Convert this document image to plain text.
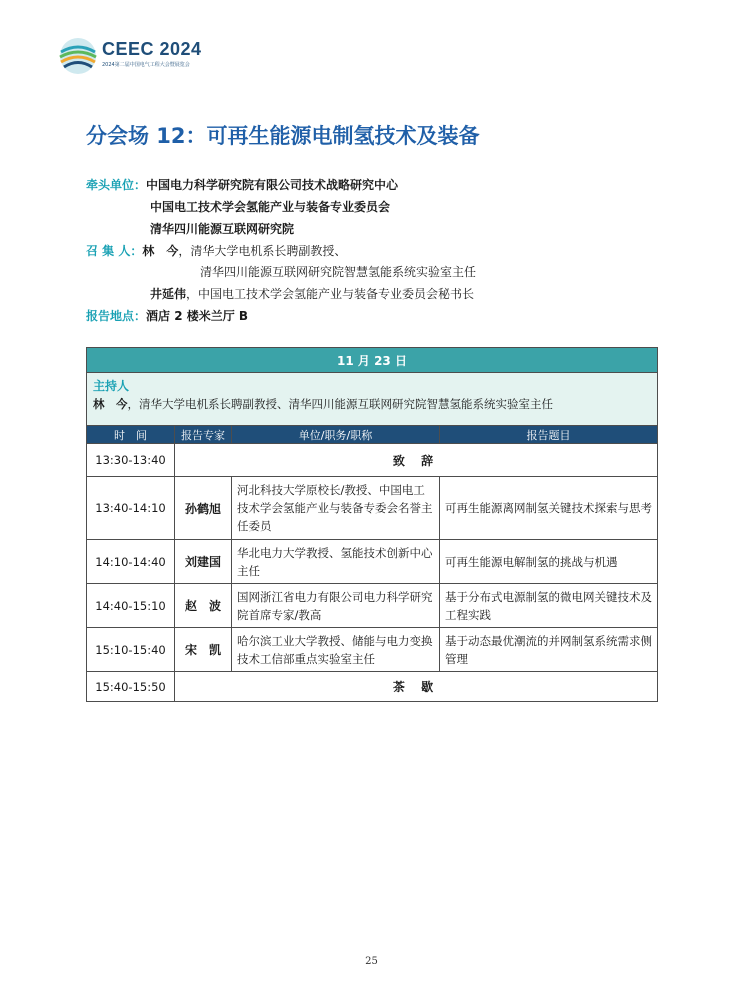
CEEC 2024
2024第二届中国电气工程大会暨展览会
分会场 12：可再生能源电制氢技术及装备
牵头单位：中国电力科学研究院有限公司技术战略研究中心
中国电工技术学会氢能产业与装备专业委员会
清华四川能源互联网研究院
召 集 人：林　今，清华大学电机系长聘副教授、
清华四川能源互联网研究院智慧氢能系统实验室主任
井延伟，中国电工技术学会氢能产业与装备专业委员会秘书长
报告地点：酒店 2 楼米兰厅 B
11 月 23 日			

主持人
林　今，清华大学电机系长聘副教授、清华四川能源互联网研究院智慧氢能系统实验室主任			

时　间	报告专家	单位/职务/职称	报告题目
13:30-13:40	致 辞		
13:40-14:10	孙鹤旭	河北科技大学原校长/教授、中国电工技术学会氢能产业与装备专委会名誉主任委员	可再生能源离网制氢关键技术探索与思考
14:10-14:40	刘建国	华北电力大学教授、氢能技术创新中心主任	可再生能源电解制氢的挑战与机遇
14:40-15:10	赵　波	国网浙江省电力有限公司电力科学研究院首席专家/教高	基于分布式电源制氢的微电网关键技术及工程实践
15:10-15:40	宋　凯	哈尔滨工业大学教授、储能与电力变换技术工信部重点实验室主任	基于动态最优潮流的并网制氢系统需求侧管理
15:40-15:50	茶 歇		
25
